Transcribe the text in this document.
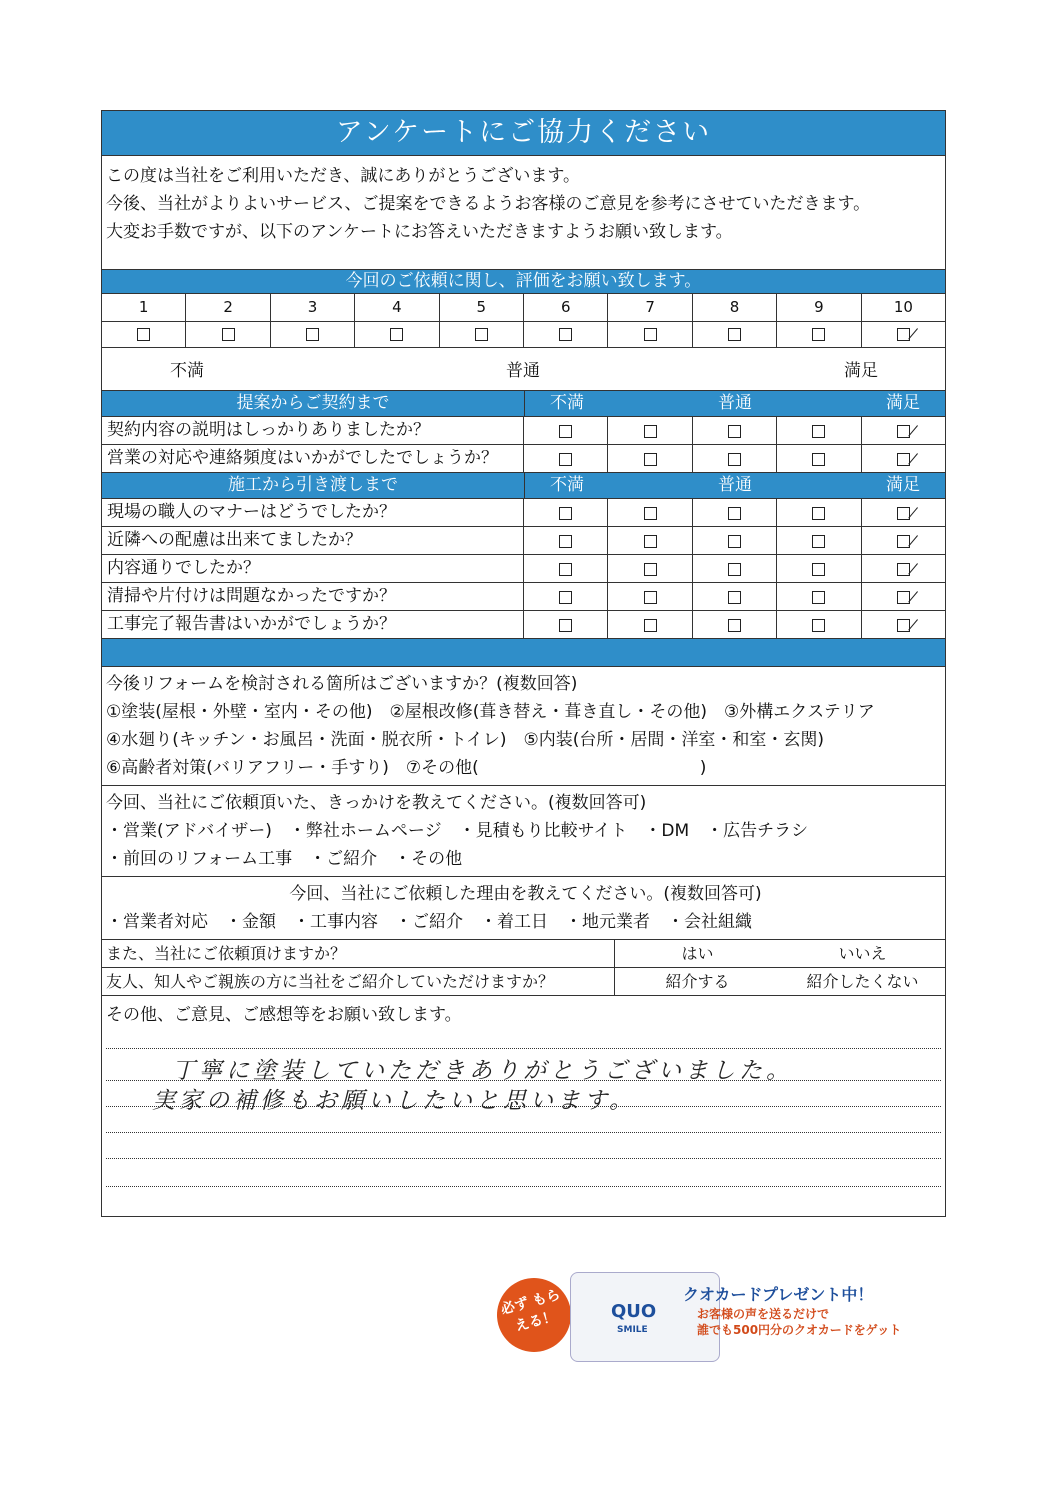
アンケートにご協力ください
この度は当社をご利用いただき、誠にありがとうございます。
今後、当社がよりよいサービス、ご提案をできるようお客様のご意見を参考にさせていただきます。
大変お手数ですが、以下のアンケートにお答えいただきますようお願い致します。
今回のご依頼に関し、評価をお願い致します。
1	2	3	4	5	6	7	8	9	10
不満	普通	満足
提案からご契約まで	不満	普通	満足
契約内容の説明はしっかりありましたか？
営業の対応や連絡頻度はいかがでしたでしょうか？
施工から引き渡しまで	不満	普通	満足
現場の職人のマナーはどうでしたか？
近隣への配慮は出来てましたか？
内容通りでしたか？
清掃や片付けは問題なかったですか？
工事完了報告書はいかがでしょうか？
今後リフォームを検討される箇所はございますか？(複数回答)
①塗装(屋根・外壁・室内・その他)　②屋根改修(葺き替え・葺き直し・その他)　③外構エクステリア
④水廻り(キッチン・お風呂・洗面・脱衣所・トイレ)　⑤内装(台所・居間・洋室・和室・玄関)
⑥高齢者対策(バリアフリー・手すり)　⑦その他(　　　　　　　　　　　　　)
今回、当社にご依頼頂いた、きっかけを教えてください。(複数回答可)
・営業(アドバイザー)　・弊社ホームページ　・見積もり比較サイト　・DM　・広告チラシ
・前回のリフォーム工事　・ご紹介　・その他
今回、当社にご依頼した理由を教えてください。(複数回答可)
・営業者対応　・金額　・工事内容　・ご紹介　・着工日　・地元業者　・会社組織
また、当社にご依頼頂けますか？	はい	いいえ
友人、知人やご親族の方に当社をご紹介していただけますか？	紹介する	紹介したくない
その他、ご意見、ご感想等をお願い致します。
丁寧に塗装していただきありがとうございました。
実家の補修もお願いしたいと思います。
必ず もらえる！	QUO
SMILE
クオカードプレゼント中！
お客様の声を送るだけで
誰でも500円分のクオカードをゲット
